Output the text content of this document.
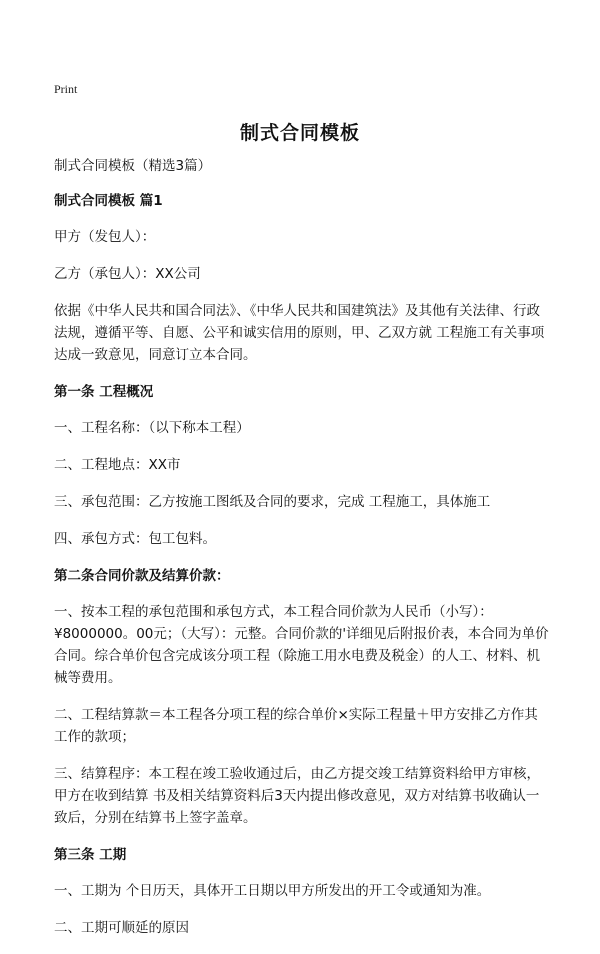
Print
制式合同模板
制式合同模板（精选3篇）
制式合同模板 篇1
甲方（发包人）：
乙方（承包人）：XX公司
依据《中华人民共和国合同法》、《中华人民共和国建筑法》及其他有关法律、行政法规，遵循平等、自愿、公平和诚实信用的原则，甲、乙双方就 工程施工有关事项达成一致意见，同意订立本合同。
第一条 工程概况
一、工程名称：（以下称本工程）
二、工程地点：XX市
三、承包范围：乙方按施工图纸及合同的要求，完成 工程施工，具体施工
四、承包方式：包工包料。
第二条合同价款及结算价款：
一、按本工程的承包范围和承包方式，本工程合同价款为人民币（小写）：¥8000000。00元；（大写）：元整。合同价款的'详细见后附报价表，本合同为单价合同。综合单价包含完成该分项工程（除施工用水电费及税金）的人工、材料、机械等费用。
二、工程结算款＝本工程各分项工程的综合单价×实际工程量＋甲方安排乙方作其工作的款项；
三、结算程序：本工程在竣工验收通过后，由乙方提交竣工结算资料给甲方审核，甲方在收到结算 书及相关结算资料后3天内提出修改意见，双方对结算书收确认一致后，分别在结算书上签字盖章。
第三条 工期
一、工期为 个日历天，具体开工日期以甲方所发出的开工令或通知为准。
二、工期可顺延的原因
